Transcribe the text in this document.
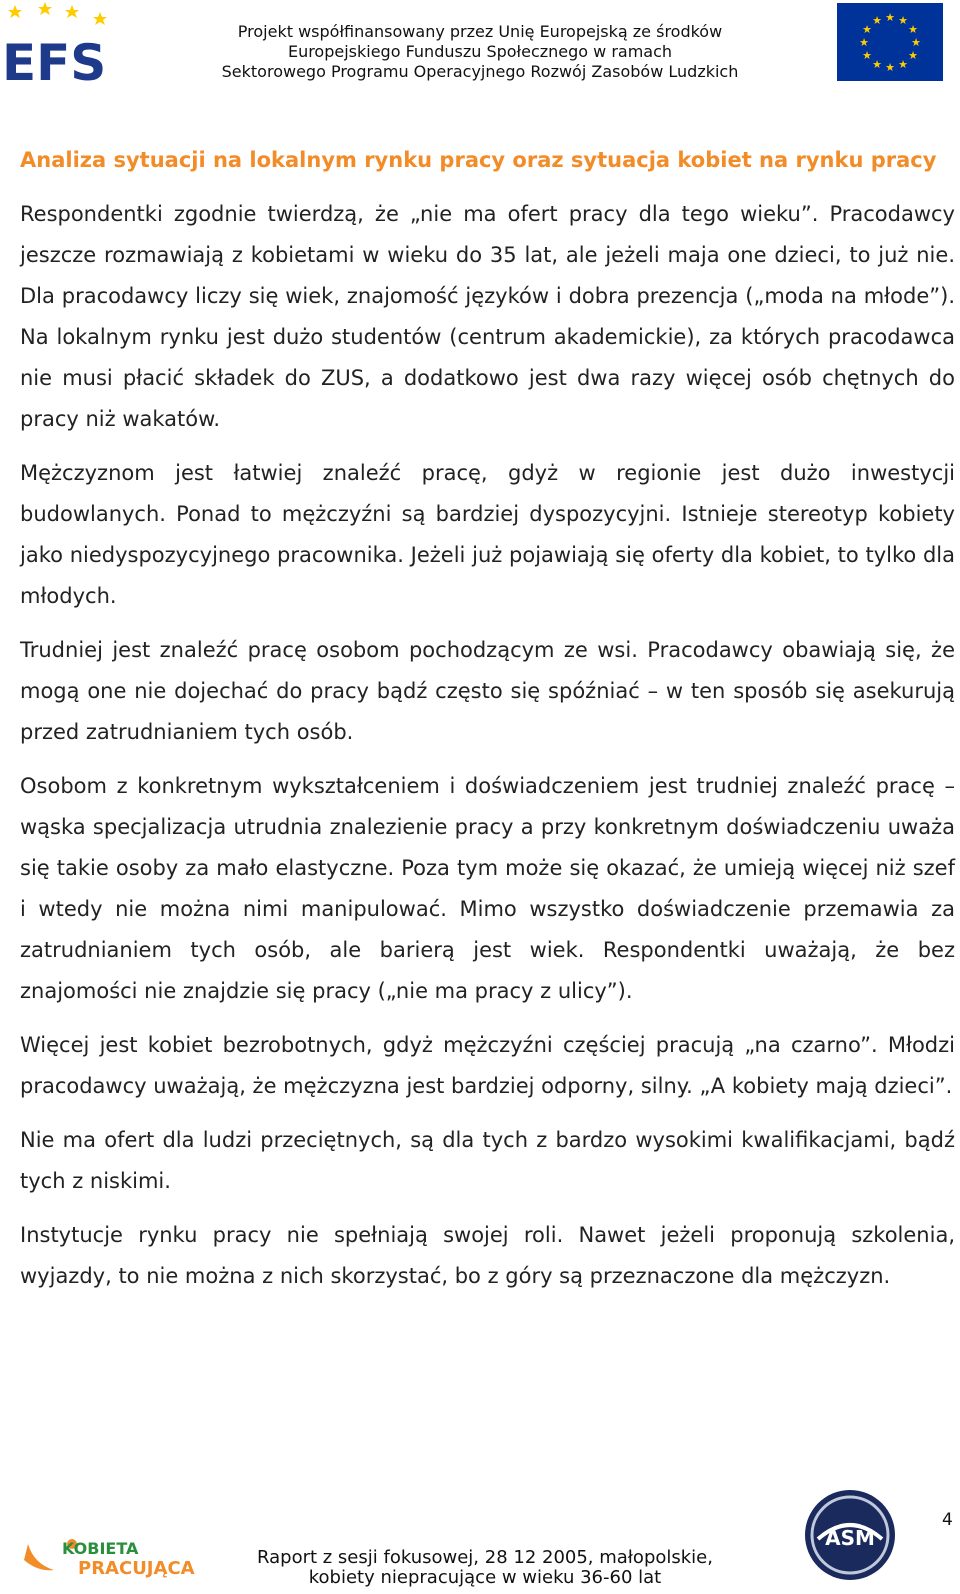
EFS
Projekt współfinansowany przez Unię Europejską ze środków
Europejskiego Funduszu Społecznego w ramach
Sektorowego Programu Operacyjnego Rozwój Zasobów Ludzkich
★ ★
★
★
★
★
★
★
★
★
★
★
Analiza sytuacji na lokalnym rynku pracy oraz sytuacja kobiet na rynku pracy

Respondentki zgodnie twierdzą, że „nie ma ofert pracy dla tego wieku”. Pracodawcy jeszcze rozmawiają z kobietami w wieku do 35 lat, ale jeżeli maja one dzieci, to już nie. Dla pracodawcy liczy się wiek, znajomość języków i dobra prezencja („moda na młode”). Na lokalnym rynku jest dużo studentów (centrum akademickie), za których pracodawca nie musi płacić składek do ZUS, a dodatkowo jest dwa razy więcej osób chętnych do pracy niż wakatów.

Mężczyznom jest łatwiej znaleźć pracę, gdyż w regionie jest dużo inwestycji budowlanych. Ponad to mężczyźni są bardziej dyspozycyjni. Istnieje stereotyp kobiety jako niedyspozycyjnego pracownika. Jeżeli już pojawiają się oferty dla kobiet, to tylko dla młodych.

Trudniej jest znaleźć pracę osobom pochodzącym ze wsi. Pracodawcy obawiają się, że mogą one nie dojechać do pracy bądź często się spóźniać – w ten sposób się asekurują przed zatrudnianiem tych osób.

Osobom z konkretnym wykształceniem i doświadczeniem jest trudniej znaleźć pracę – wąska specjalizacja utrudnia znalezienie pracy a przy konkretnym doświadczeniu uważa się takie osoby za mało elastyczne. Poza tym może się okazać, że umieją więcej niż szef i wtedy nie można nimi manipulować. Mimo wszystko doświadczenie przemawia za zatrudnianiem tych osób, ale barierą jest wiek. Respondentki uważają, że bez znajomości nie znajdzie się pracy („nie ma pracy z ulicy”).

Więcej jest kobiet bezrobotnych, gdyż mężczyźni częściej pracują „na czarno”. Młodzi pracodawcy uważają, że mężczyzna jest bardziej odporny, silny. „A kobiety mają dzieci”.

Nie ma ofert dla ludzi przeciętnych, są dla tych z bardzo wysokimi kwalifikacjami, bądź tych z niskimi.

Instytucje rynku pracy nie spełniają swojej roli. Nawet jeżeli proponują szkolenia, wyjazdy, to nie można z nich skorzystać, bo z góry są przeznaczone dla mężczyzn.

KOBIETA
PRACUJĄCA
Raport z sesji fokusowej, 28 12 2005, małopolskie,
kobiety niepracujące w wieku 36-60 lat
ASM
4
